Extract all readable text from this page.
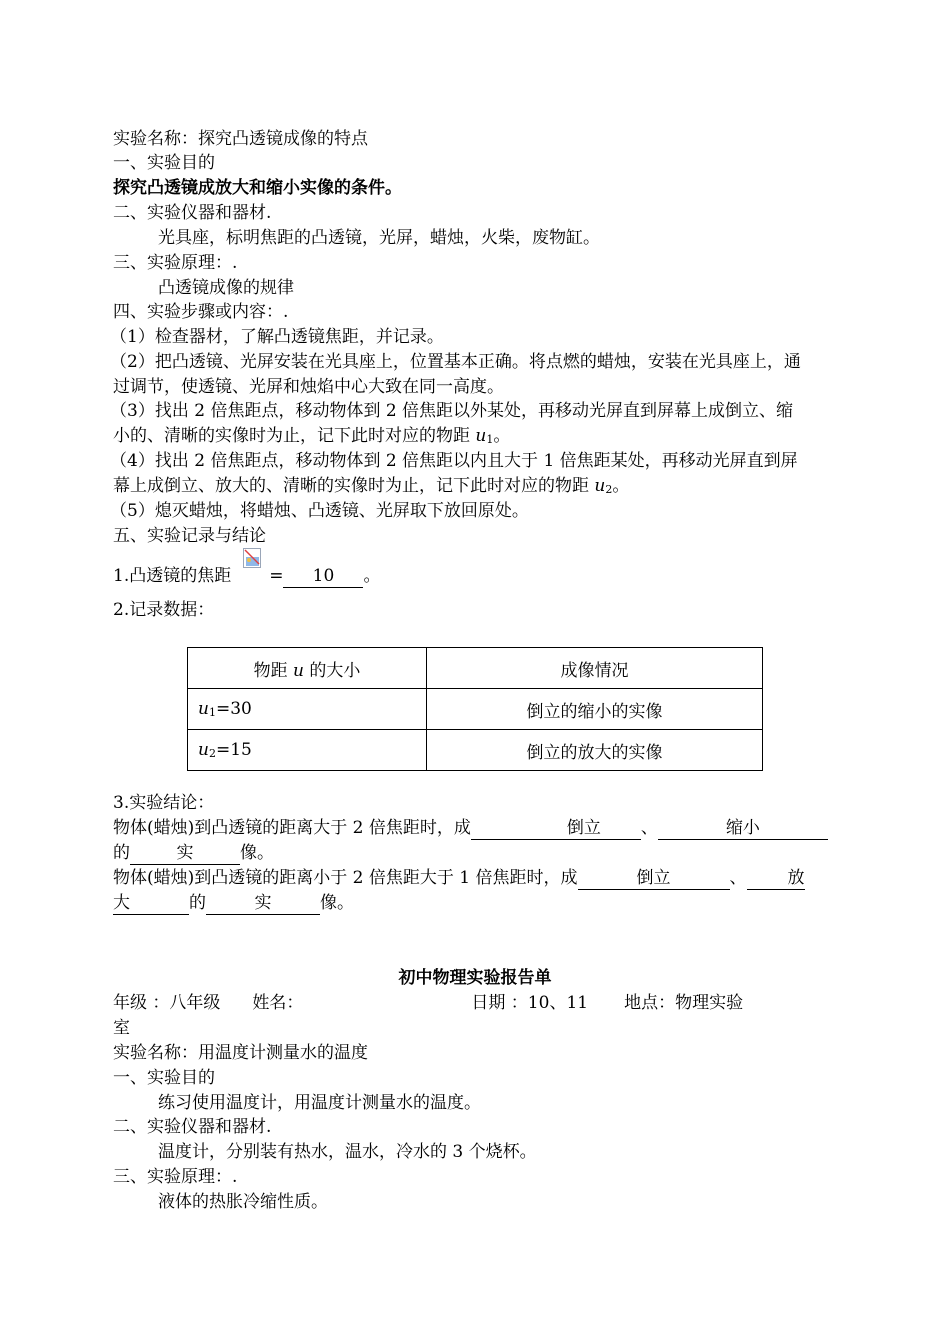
实验名称：探究凸透镜成像的特点
一、实验目的
探究凸透镜成放大和缩小实像的条件。
二、实验仪器和器材.
光具座，标明焦距的凸透镜，光屏，蜡烛，火柴，废物缸。
三、实验原理：.
凸透镜成像的规律
四、实验步骤或内容：.
（1）检查器材，了解凸透镜焦距，并记录。
（2）把凸透镜、光屏安装在光具座上，位置基本正确。将点燃的蜡烛，安装在光具座上，通
过调节，使透镜、光屏和烛焰中心大致在同一高度。
（3）找出 2 倍焦距点，移动物体到 2 倍焦距以外某处，再移动光屏直到屏幕上成倒立、缩
小的、清晰的实像时为止，记下此时对应的物距 u1。
（4）找出 2 倍焦距点，移动物体到 2 倍焦距以内且大于 1 倍焦距某处，再移动光屏直到屏
幕上成倒立、放大的、清晰的实像时为止，记下此时对应的物距 u2。
（5）熄灭蜡烛，将蜡烛、凸透镜、光屏取下放回原处。
五、实验记录与结论
1.凸透镜的焦距 = 10 。
2.记录数据：
物距 u 的大小	成像情况
u1=30	倒立的缩小的实像
u2=15	倒立的放大的实像
3.实验结论：
物体(蜡烛)到凸透镜的距离大于 2 倍焦距时，成	倒立 、	缩小
的	实	像。
物体(蜡烛)到凸透镜的距离小于 2 倍焦距大于 1 倍焦距时，成	倒立	、 放
大	的	实	像。
初中物理实验报告单
年级 ：八年级 姓名：	日期 ：10、11 地点：物理实验
室
实验名称：用温度计测量水的温度
一、实验目的
练习使用温度计，用温度计测量水的温度。
二、实验仪器和器材.
温度计，分别装有热水，温水，冷水的 3 个烧杯。
三、实验原理：.
液体的热胀冷缩性质。
